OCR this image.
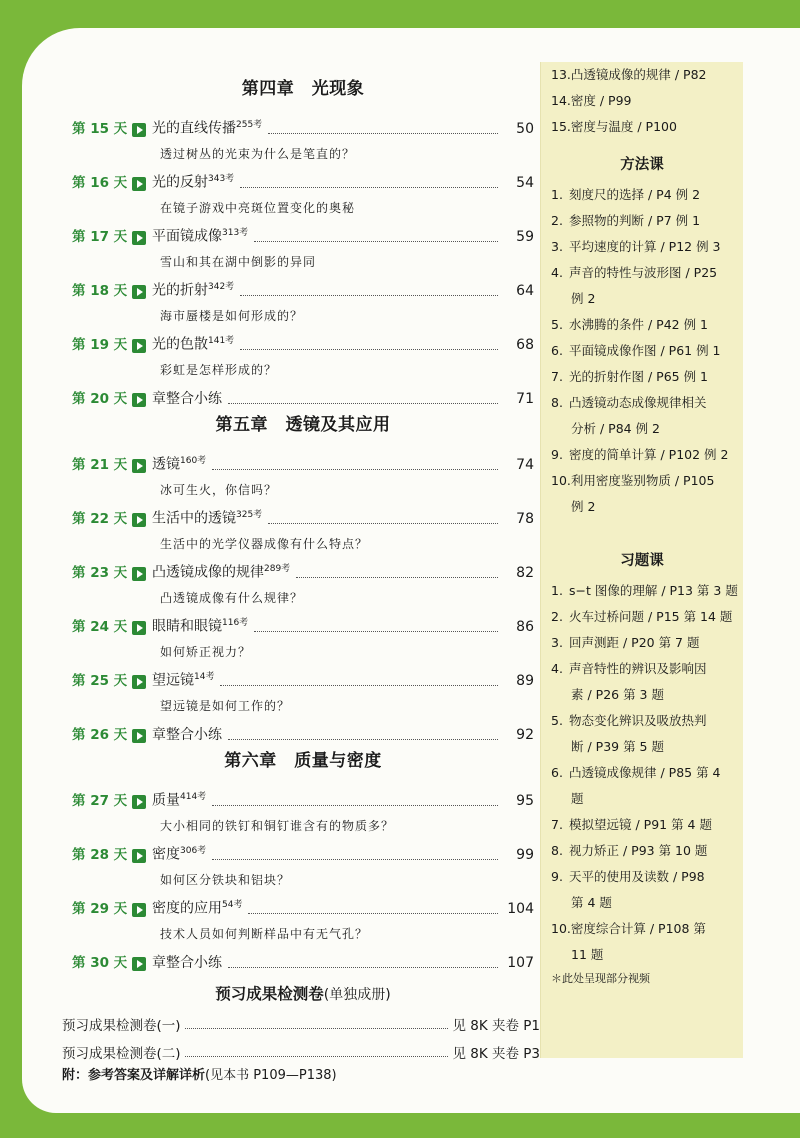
第四章　光现象
第 15 天	光的直线传播$^{255考}$	50
透过树丛的光束为什么是笔直的？
第 16 天	光的反射$^{343考}$	54
在镜子游戏中亮斑位置变化的奥秘
第 17 天	平面镜成像$^{313考}$	59
雪山和其在湖中倒影的异同
第 18 天	光的折射$^{342考}$	64
海市蜃楼是如何形成的？
第 19 天	光的色散$^{141考}$	68
彩虹是怎样形成的？
第 20 天	章整合小练	71
第五章　透镜及其应用
第 21 天	透镜$^{160考}$	74
冰可生火，你信吗？
第 22 天	生活中的透镜$^{325考}$	78
生活中的光学仪器成像有什么特点？
第 23 天	凸透镜成像的规律$^{289考}$	82
凸透镜成像有什么规律？
第 24 天	眼睛和眼镜$^{116考}$	86
如何矫正视力？
第 25 天	望远镜$^{14考}$	89
望远镜是如何工作的？
第 26 天	章整合小练	92
第六章　质量与密度
第 27 天	质量$^{414考}$	95
大小相同的铁钉和铜钉谁含有的物质多？
第 28 天	密度$^{306考}$	99
如何区分铁块和铝块？
第 29 天	密度的应用$^{54考}$	104
技术人员如何判断样品中有无气孔？
第 30 天	章整合小练	107
预习成果检测卷(单独成册)
预习成果检测卷(一)	见 8K 夹卷 P1
预习成果检测卷(二)	见 8K 夹卷 P3
附：参考答案及详解详析(见本书 P109—P138)
13.凸透镜成像的规律 / P82
14.密度 / P99
15.密度与温度 / P100
方法课
1. 刻度尺的选择 / P4 例 2
2. 参照物的判断 / P7 例 1
3. 平均速度的计算 / P12 例 3
4. 声音的特性与波形图 / P25
例 2
5. 水沸腾的条件 / P42 例 1
6. 平面镜成像作图 / P61 例 1
7. 光的折射作图 / P65 例 1
8. 凸透镜动态成像规律相关
分析 / P84 例 2
9. 密度的简单计算 / P102 例 2
10.利用密度鉴别物质 / P105
例 2
习题课
1. s−t 图像的理解 / P13 第 3 题
2. 火车过桥问题 / P15 第 14 题
3. 回声测距 / P20 第 7 题
4. 声音特性的辨识及影响因
素 / P26 第 3 题
5. 物态变化辨识及吸放热判
断 / P39 第 5 题
6. 凸透镜成像规律 / P85 第 4
题
7. 模拟望远镜 / P91 第 4 题
8. 视力矫正 / P93 第 10 题
9. 天平的使用及读数 / P98
第 4 题
10.密度综合计算 / P108 第
11 题
＊此处呈现部分视频
